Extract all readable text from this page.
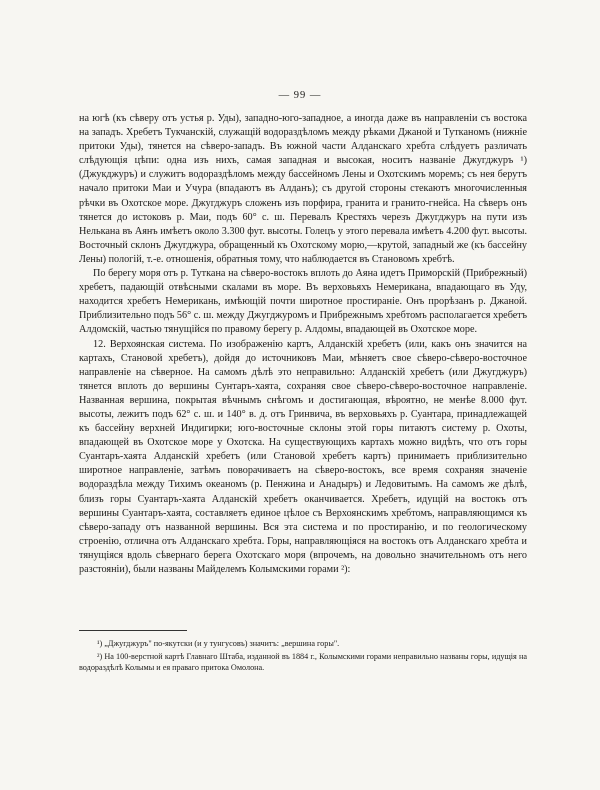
— 99 —

на югѣ (къ сѣверу отъ устья р. Уды), западно-юго-западное, а иногда даже въ направленіи съ востока на западъ. Хребетъ Тукчанскій, служащій водораздѣломъ между рѣками Джаной и Тутканомъ (нижніе притоки Уды), тянется на сѣверо-западъ. Въ южной части Алданскаго хребта слѣдуетъ различать слѣдующія цѣпи: одна изъ нихъ, самая западная и высокая, носитъ названіе Джугджуръ ¹) (Джукджуръ) и служитъ водораздѣломъ между бассейномъ Лены и Охотскимъ моремъ; съ нея берутъ начало притоки Маи и Учура (впадаютъ въ Алданъ); съ другой стороны стекаютъ многочисленныя рѣчки въ Охотское море. Джугджуръ сложенъ изъ порфира, гранита и гранито-гнейса. На сѣверъ онъ тянется до истоковъ р. Маи, подъ 60° с. ш. Перевалъ Крестяхъ черезъ Джугджуръ на пути изъ Нелькана въ Аянъ имѣетъ около 3.300 фут. высоты. Голецъ у этого перевала имѣетъ 4.200 фут. высоты. Восточный склонъ Джугджура, обращенный къ Охотскому морю,—крутой, западный же (къ бассейну Лены) пологій, т.-е. отношенія, обратныя тому, что наблюдается въ Становомъ хребтѣ.

По берегу моря отъ р. Туткана на сѣверо-востокъ вплоть до Аяна идетъ Приморскій (Прибрежный) хребетъ, падающій отвѣсными скалами въ море. Въ верховьяхъ Немерикана, впадающаго въ Уду, находится хребетъ Немерикань, имѣющій почти широтное простираніе. Онъ прорѣзанъ р. Джаной. Приблизительно подъ 56° с. ш. между Джугджуромъ и Прибрежнымъ хребтомъ располагается хребетъ Алдомскій, частью тянущійся по правому берегу р. Алдомы, впадающей въ Охотское море.

12. Верхоянская система. По изображенію картъ, Алданскій хребетъ (или, какъ онъ значится на картахъ, Становой хребетъ), дойдя до источниковъ Маи, мѣняетъ свое сѣверо-сѣверо-восточное направленіе на сѣверное. На самомъ дѣлѣ это неправильно: Алданскій хребетъ (или Джугджуръ) тянется вплоть до вершины Сунтаръ-хаята, сохраняя свое сѣверо-сѣверо-восточное направленіе. Названная вершина, покрытая вѣчнымъ снѣгомъ и достигающая, вѣроятно, не менѣе 8.000 фут. высоты, лежитъ подъ 62° с. ш. и 140° в. д. отъ Гринвича, въ верховьяхъ р. Суантара, принадлежащей къ бассейну верхней Индигирки; юго-восточные склоны этой горы питаютъ систему р. Охоты, впадающей въ Охотское море у Охотска. На существующихъ картахъ можно видѣть, что отъ горы Суантаръ-хаята Алданскій хребетъ (или Становой хребетъ картъ) принимаетъ приблизительно широтное направленіе, затѣмъ поворачиваетъ на сѣверо-востокъ, все время сохраняя значеніе водораздѣла между Тихимъ океаномъ (р. Пенжина и Анадыръ) и Ледовитымъ. На самомъ же дѣлѣ, близъ горы Суантаръ-хаята Алданскій хребетъ оканчивается. Хребетъ, идущій на востокъ отъ вершины Суантаръ-хаята, составляетъ единое цѣлое съ Верхоянскимъ хребтомъ, направляющимся къ сѣверо-западу отъ названной вершины. Вся эта система и по простиранію, и по геологическому строенію, отлична отъ Алданскаго хребта. Горы, направляющіяся на востокъ отъ Алданскаго хребта и тянущіяся вдоль сѣвернаго берега Охотскаго моря (впрочемъ, на довольно значительномъ отъ него разстояніи), были названы Майделемъ Колымскими горами ²):

¹) „Джугджуръ" по-якутски (и у тунгусовъ) значитъ: „вершина горы".

²) На 100-верстной картѣ Главнаго Штаба, изданной въ 1884 г., Колымскими горами неправильно названы горы, идущія на водораздѣлѣ Колымы и ея праваго притока Омолона.
